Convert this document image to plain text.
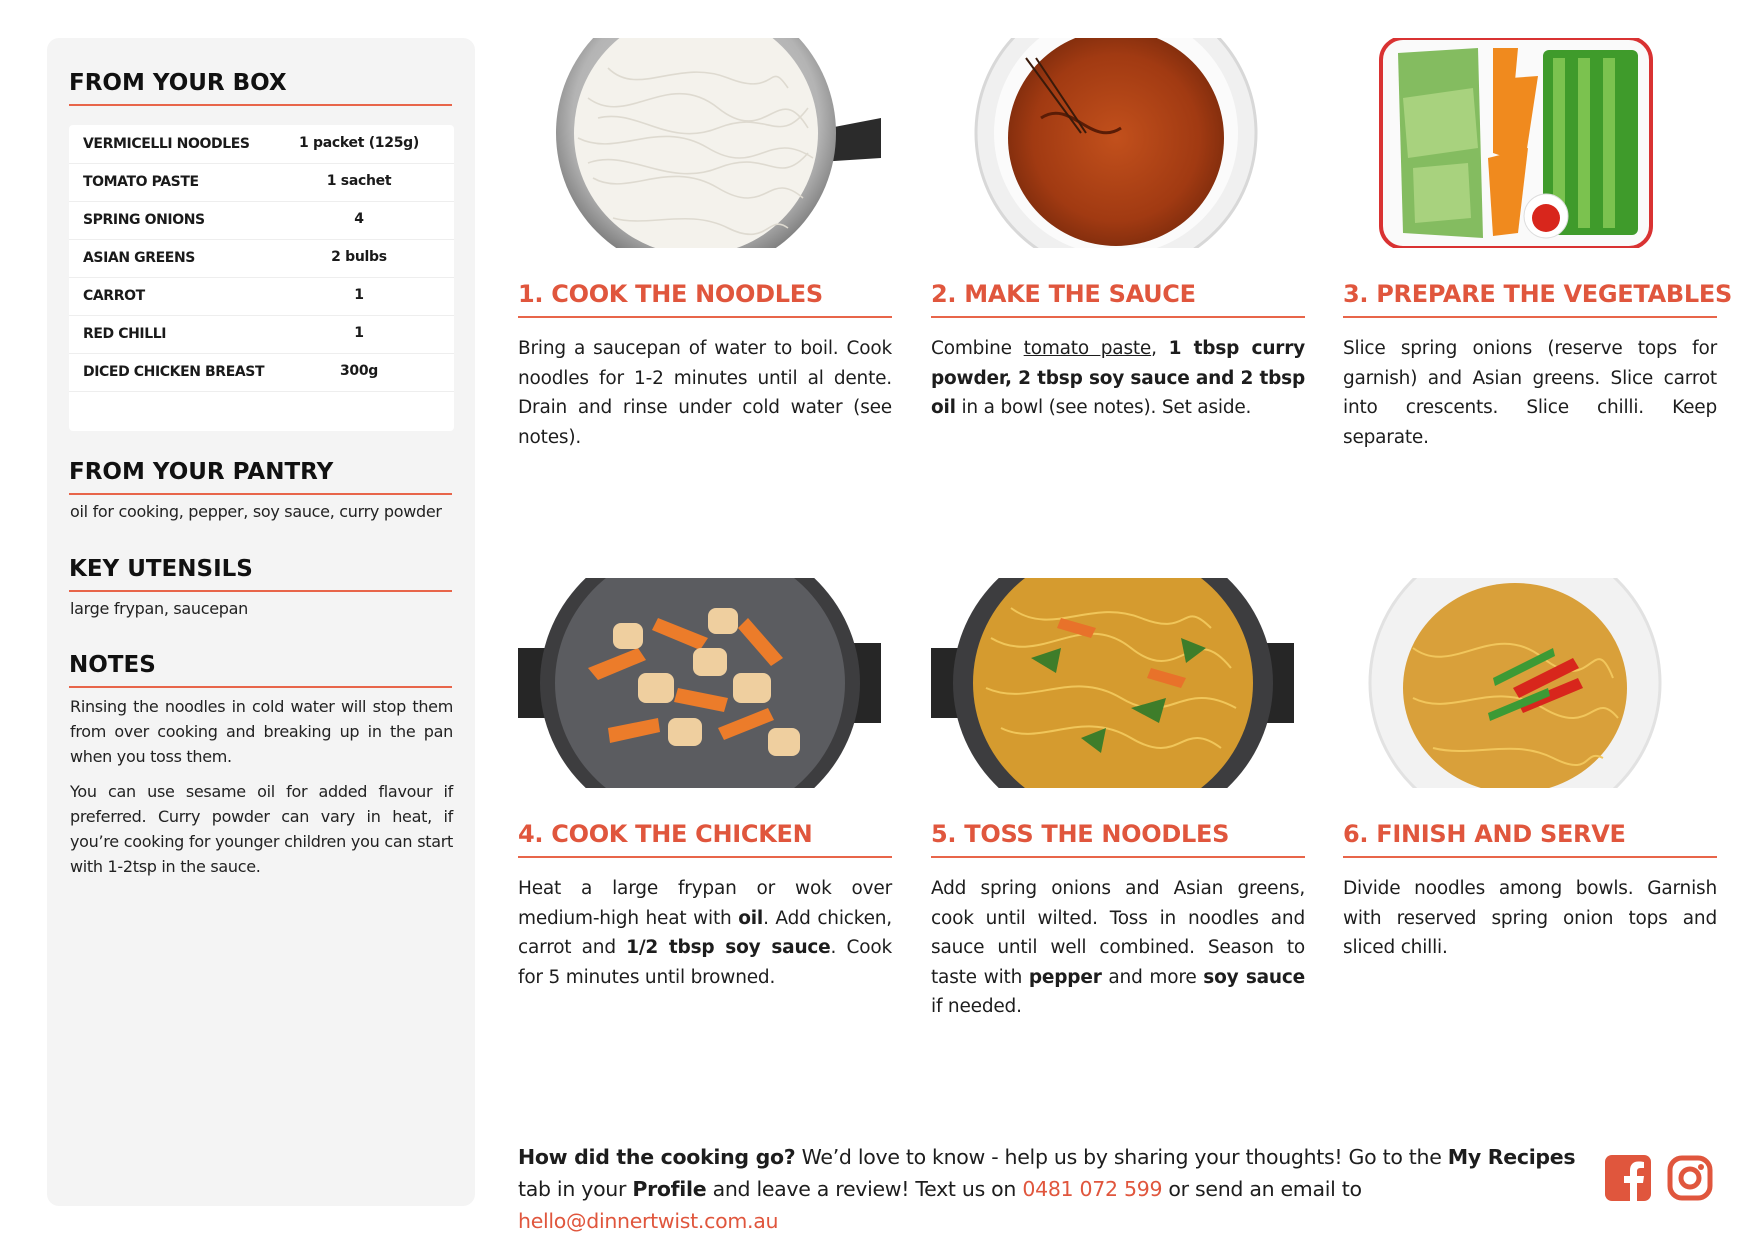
FROM YOUR BOX
VERMICELLI NOODLES	1 packet (125g)
TOMATO PASTE	1 sachet
SPRING ONIONS	4
ASIAN GREENS	2 bulbs
CARROT	1
RED CHILLI	1
DICED CHICKEN BREAST	300g
FROM YOUR PANTRY
oil for cooking, pepper, soy sauce, curry powder
KEY UTENSILS
large frypan, saucepan
NOTES
Rinsing the noodles in cold water will stop them from over cooking and breaking up in the pan when you toss them.
You can use sesame oil for added flavour if preferred. Curry powder can vary in heat, if you’re cooking for younger children you can start with 1-2tsp in the sauce.
1. COOK THE NOODLES
Bring a saucepan of water to boil. Cook noodles for 1-2 minutes until al dente. Drain and rinse under cold water (see notes).
2. MAKE THE SAUCE
Combine tomato paste, 1 tbsp curry powder, 2 tbsp soy sauce and 2 tbsp oil in a bowl (see notes). Set aside.
3. PREPARE THE VEGETABLES
Slice spring onions (reserve tops for garnish) and Asian greens. Slice carrot into crescents. Slice chilli. Keep separate.
4. COOK THE CHICKEN
Heat a large frypan or wok over medium-high heat with oil. Add chicken, carrot and 1/2 tbsp soy sauce. Cook for 5 minutes until browned.
5. TOSS THE NOODLES
Add spring onions and Asian greens, cook until wilted. Toss in noodles and sauce until well combined. Season to taste with pepper and more soy sauce if needed.
6. FINISH AND SERVE
Divide noodles among bowls. Garnish with reserved spring onion tops and sliced chilli.
How did the cooking go? We’d love to know - help us by sharing your thoughts! Go to the My Recipes tab in your Profile and leave a review! Text us on 0481 072 599 or send an email to hello@dinnertwist.com.au
